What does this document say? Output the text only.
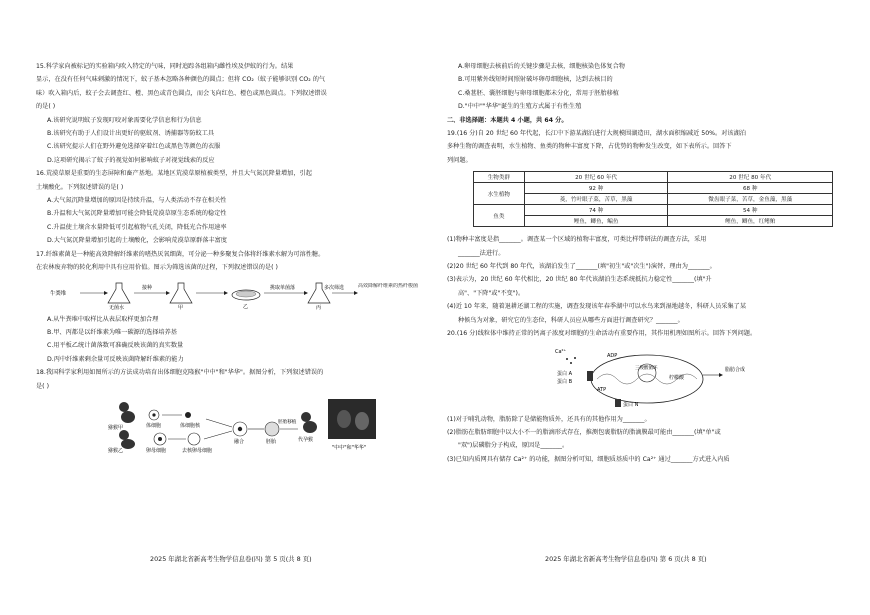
15.科学家向被标记的实验箱内吹入特定的气味，同时追踪各组箱内雌性埃及伊蚊的行为。结果
显示，在没有任何气味刺激的情况下，蚊子基本忽略各种颜色的圆点；但将 CO₂（蚊子能够识别 CO₂ 的气
味）吹入箱内后，蚊子会去调查红、橙、黑色或青色圆点，而会飞向红色、橙色或黑色圆点。下列叙述错误
的是( )
A.该研究说明蚊子发现叮咬对象需要化学信息和行为信息
B.该研究有助于人们设计出更好的驱蚊剂、诱捕器等防蚊工具
C.该研究提示人们在野外避免选择穿着红色或黑色等颜色的衣服
D.这项研究揭示了蚊子的视觉如何影响蚊子对视觉线索的反应
16.荒漠草原是重要的生态屏障和畜产基地。某地区荒漠草原植被类型，并且大气氮沉降量增加，引起
土壤酸化。下列叙述错误的是( )
A.大气氮沉降量增加的原因是持续升温，与人类活动不存在相关性
B.升温和大气氮沉降量增加可能会降低荒漠草原生态系统的稳定性
C.升温使土壤含水量降低可引起植物气孔关闭，降低光合作用速率
D.大气氮沉降量增加引起的土壤酸化，会影响荒漠草原群落丰富度
17.纤维素菌是一种能高效降解纤维素的嗜热厌氧细菌，可分泌一种多聚复合体将纤维素水解为可溶性糖。
在农林废弃物的转化利用中具有应用价值。图示为筛选该菌的过程，下列叙述错误的是( )
牛粪堆
无菌水
接种
甲	乙
挑取单菌落
丙
多次筛选	高效降解纤维素的热纤梭菌
A.从牛粪堆中取样比从表层取样更加合理
B.甲、丙都是以纤维素为唯一碳源的选择培养基
C.用平板乙统计菌落数可准确反映该菌的真实数量
D.丙中纤维素剩余量可反映该菌降解纤维素的能力
18.我国科学家利用如图所示的方法成功培育出体细胞克隆猴"中中"和"华华"。据图分析，下列叙述错误的
是( )
猕猴甲
猕猴乙
体细胞	体细胞核
卵母细胞	去核卵母细胞
融合	胚胎
胚胎移植
代孕猴
"中中"和"华华"
2025 年湖北省新高考生物学信息卷(四) 第 5 页(共 8 页)
A.卵母细胞去核前后的关键步骤是去核，细胞核染色体复合物
B.可用紫外线短时间照射破坏卵母细胞核，达到去核目的
C.桑葚胚、囊胚细胞与卵母细胞都未分化，常用于胚胎移植
D."中中""华华"诞生的生殖方式属于有性生殖
二、非选择题：本题共 4 小题，共 64 分。
19.(16 分)自 20 世纪 60 年代起，长江中下游某湖泊进行大规模围湖造田，湖水面积缩减近 50%。对该湖泊
多种生物的调查表明，水生植物、鱼类的物种丰富度下降，占优势的物种发生改变，如下表所示。回答下
列问题。
生物类群	20 世纪 60 年代	20 世纪 80 年代
水生植物	92 种	68 种
	菱，竹叶眼子菜，苦草，黑藻	微齿眼子菜，苦草，金鱼藻，黑藻
鱼类	74 种	54 种
	鲤鱼，鲫鱼，鳊鱼	鲤鱼，鲫鱼，红鳍鲌
(1)物种丰富度是指_______。调查某一个区域的植物丰富度，可类比样带研法的调查方法，采用
_______法进行。
(2)20 世纪 60 年代到 80 年代，该湖泊发生了_______(填"初生"或"次生")演替，理由为_______。
(3)表示为，20 世纪 60 年代相比，20 世纪 80 年代该湖泊生态系统抵抗力稳定性_______(填"升
高"、"下降"或"不变")。
(4)近 10 年来，随着退耕还湖工程的实施，调查发现该年春季湖中可以水鸟来到湿地越冬，科研人员采集了某
种候鸟为对象，研究它的生态位，科研人员应从哪些方面进行调查研究？_______。
20.(16 分)线粒体中维持正常的钙离子浓度对细胞的生命活动有重要作用，其作用机理如图所示。回答下列问题。
Ca²⁺
ADP
蛋白 A
蛋白 B
ATP
三羧酸循环
柠檬酸
脂肪合成
蛋白 N
(1)对于哺乳动物，脂肪除了是储能物质外，还具有的其他作用为_______。
(2)脂肪在脂肪细胞中以大小不一的脂滴形式存在，推测包裹脂肪的脂滴膜最可能由_______(填"单"或
"双")层磷脂分子构成，原因是_______。
(3)已知内质网具有储存 Ca²⁺ 的功能，据图分析可知，细胞质基质中的 Ca²⁺ 通过_______方式进入内质
2025 年湖北省新高考生物学信息卷(四) 第 6 页(共 8 页)
